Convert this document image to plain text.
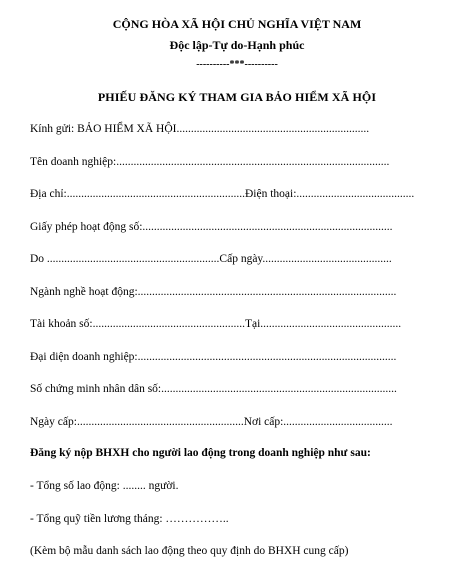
CỘNG HÒA XÃ HỘI CHỦ NGHĨA VIỆT NAM
Độc lập-Tự do-Hạnh phúc
----------***----------
PHIẾU ĐĂNG KÝ THAM GIA BẢO HIỂM XÃ HỘI
Kính gửi: BẢO HIỂM XÃ HỘI...................................................................
Tên doanh nghiệp:...............................................................................................
Địa chỉ:..............................................................Điện thoại:.........................................
Giấy phép hoạt động số:.......................................................................................
Do ............................................................Cấp ngày.............................................
Ngành nghề hoạt động:..........................................................................................
Tài khoản số:.....................................................Tại.................................................
Đại diện doanh nghiệp:..........................................................................................
Số chứng minh nhân dân số:..................................................................................
Ngày cấp:..........................................................Nơi cấp:......................................
Đăng ký nộp BHXH cho người lao động trong doanh nghiệp như sau:
- Tổng số lao động: ........ người.
- Tổng quỹ tiền lương tháng: ……………..
(Kèm bộ mẫu danh sách lao động theo quy định do BHXH cung cấp)
